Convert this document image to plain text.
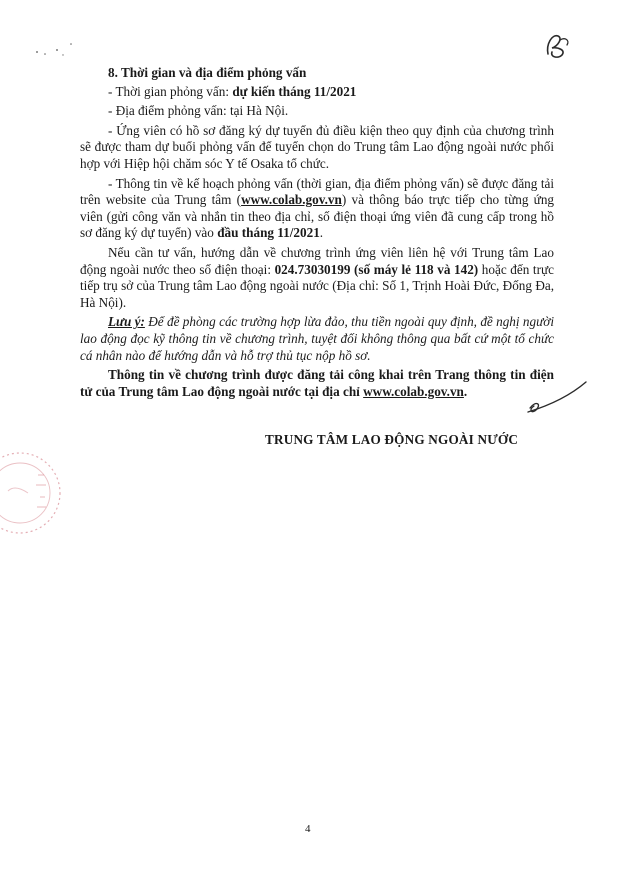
8. Thời gian và địa điểm phỏng vấn

- Thời gian phỏng vấn: dự kiến tháng 11/2021

- Địa điểm phỏng vấn: tại Hà Nội.

- Ứng viên có hồ sơ đăng ký dự tuyển đủ điều kiện theo quy định của chương trình sẽ được tham dự buổi phỏng vấn để tuyển chọn do Trung tâm Lao động ngoài nước phối hợp với Hiệp hội chăm sóc Y tế Osaka tổ chức.

- Thông tin về kế hoạch phỏng vấn (thời gian, địa điểm phỏng vấn) sẽ được đăng tải trên website của Trung tâm (www.colab.gov.vn) và thông báo trực tiếp cho từng ứng viên (gửi công văn và nhắn tin theo địa chỉ, số điện thoại ứng viên đã cung cấp trong hồ sơ đăng ký dự tuyển) vào đầu tháng 11/2021.

Nếu cần tư vấn, hướng dẫn về chương trình ứng viên liên hệ với Trung tâm Lao động ngoài nước theo số điện thoại: 024.73030199 (số máy lẻ 118 và 142) hoặc đến trực tiếp trụ sở của Trung tâm Lao động ngoài nước (Địa chỉ: Số 1, Trịnh Hoài Đức, Đống Đa, Hà Nội).

Lưu ý: Để đề phòng các trường hợp lừa đảo, thu tiền ngoài quy định, đề nghị người lao động đọc kỹ thông tin về chương trình, tuyệt đối không thông qua bất cứ một tổ chức cá nhân nào để hướng dẫn và hỗ trợ thủ tục nộp hồ sơ.

Thông tin về chương trình được đăng tải công khai trên Trang thông tin điện tử của Trung tâm Lao động ngoài nước tại địa chỉ www.colab.gov.vn.

TRUNG TÂM LAO ĐỘNG NGOÀI NƯỚC
4
